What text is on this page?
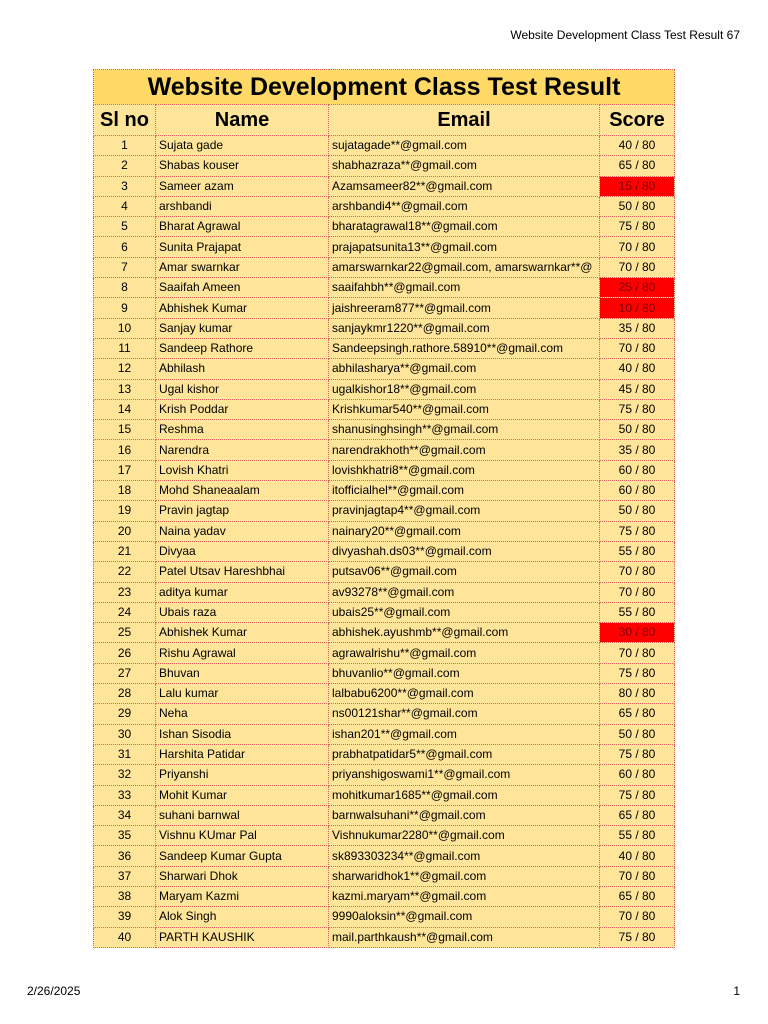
Website Development Class Test Result 67
Website Development Class Test Result			
Sl no	Name	Email	Score
1	Sujata gade	sujatagade**@gmail.com	40 / 80
2	Shabas kouser	shabhazraza**@gmail.com	65 / 80
3	Sameer azam	Azamsameer82**@gmail.com	15 / 80
4	arshbandi	arshbandi4**@gmail.com	50 / 80
5	Bharat Agrawal	bharatagrawal18**@gmail.com	75 / 80
6	Sunita Prajapat	prajapatsunita13**@gmail.com	70 / 80
7	Amar swarnkar	amarswarnkar22@gmail.com, amarswarnkar**@	70 / 80
8	Saaifah Ameen	saaifahbh**@gmail.com	25 / 80
9	Abhishek Kumar	jaishreeram877**@gmail.com	10 / 80
10	Sanjay kumar	sanjaykmr1220**@gmail.com	35 / 80
11	Sandeep Rathore	Sandeepsingh.rathore.58910**@gmail.com	70 / 80
12	Abhilash	abhilasharya**@gmail.com	40 / 80
13	Ugal kishor	ugalkishor18**@gmail.com	45 / 80
14	Krish Poddar	Krishkumar540**@gmail.com	75 / 80
15	Reshma	shanusinghsingh**@gmail.com	50 / 80
16	Narendra	narendrakhoth**@gmail.com	35 / 80
17	Lovish Khatri	lovishkhatri8**@gmail.com	60 / 80
18	Mohd Shaneaalam	itofficialhel**@gmail.com	60 / 80
19	Pravin jagtap	pravinjagtap4**@gmail.com	50 / 80
20	Naina yadav	nainary20**@gmail.com	75 / 80
21	Divyaa	divyashah.ds03**@gmail.com	55 / 80
22	Patel Utsav Hareshbhai	putsav06**@gmail.com	70 / 80
23	aditya kumar	av93278**@gmail.com	70 / 80
24	Ubais raza	ubais25**@gmail.com	55 / 80
25	Abhishek Kumar	abhishek.ayushmb**@gmail.com	30 / 80
26	Rishu Agrawal	agrawalrishu**@gmail.com	70 / 80
27	Bhuvan	bhuvanlio**@gmail.com	75 / 80
28	Lalu kumar	lalbabu6200**@gmail.com	80 / 80
29	Neha	ns00121shar**@gmail.com	65 / 80
30	Ishan Sisodia	ishan201**@gmail.com	50 / 80
31	Harshita Patidar	prabhatpatidar5**@gmail.com	75 / 80
32	Priyanshi	priyanshigoswami1**@gmail.com	60 / 80
33	Mohit Kumar	mohitkumar1685**@gmail.com	75 / 80
34	suhani barnwal	barnwalsuhani**@gmail.com	65 / 80
35	Vishnu KUmar Pal	Vishnukumar2280**@gmail.com	55 / 80
36	Sandeep Kumar Gupta	sk893303234**@gmail.com	40 / 80
37	Sharwari Dhok	sharwaridhok1**@gmail.com	70 / 80
38	Maryam Kazmi	kazmi.maryam**@gmail.com	65 / 80
39	Alok Singh	9990aloksin**@gmail.com	70 / 80
40	PARTH KAUSHIK	mail.parthkaush**@gmail.com	75 / 80
2/26/2025	1
